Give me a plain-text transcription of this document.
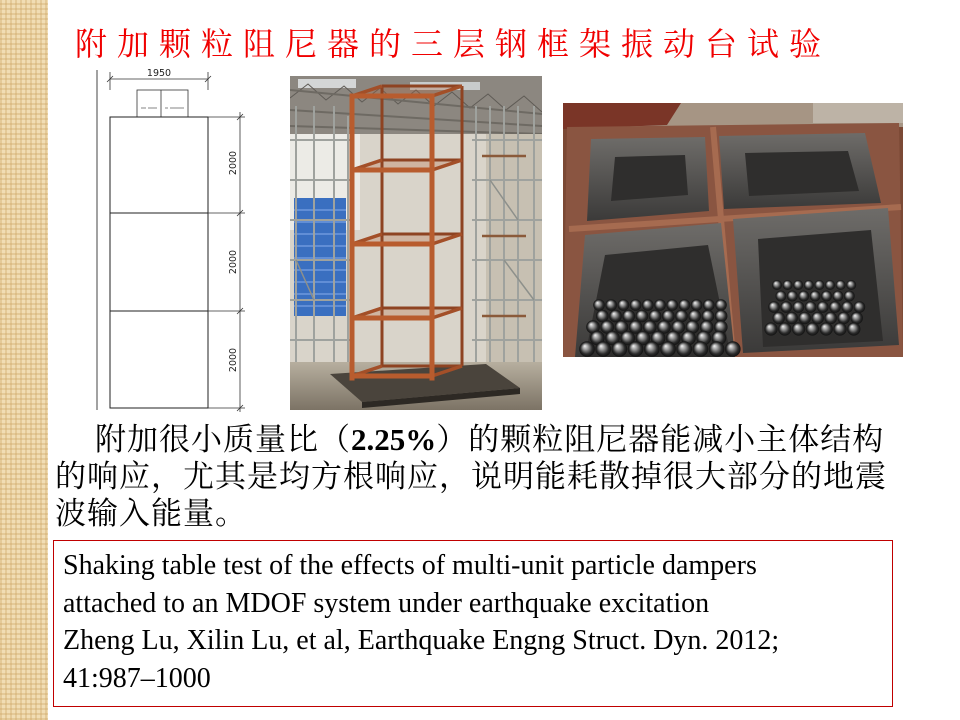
附加颗粒阻尼器的三层钢框架振动台试验
1950
2000
2000
2000
附加很小质量比（2.25%）的颗粒阻尼器能减小主体结构
的响应，尤其是均方根响应，说明能耗散掉很大部分的地震
波输入能量。
Shaking table test of the effects of multi-unit particle dampers
attached to an MDOF system under earthquake excitation
Zheng Lu, Xilin Lu, et al, Earthquake Engng Struct. Dyn. 2012;
41:987–1000
